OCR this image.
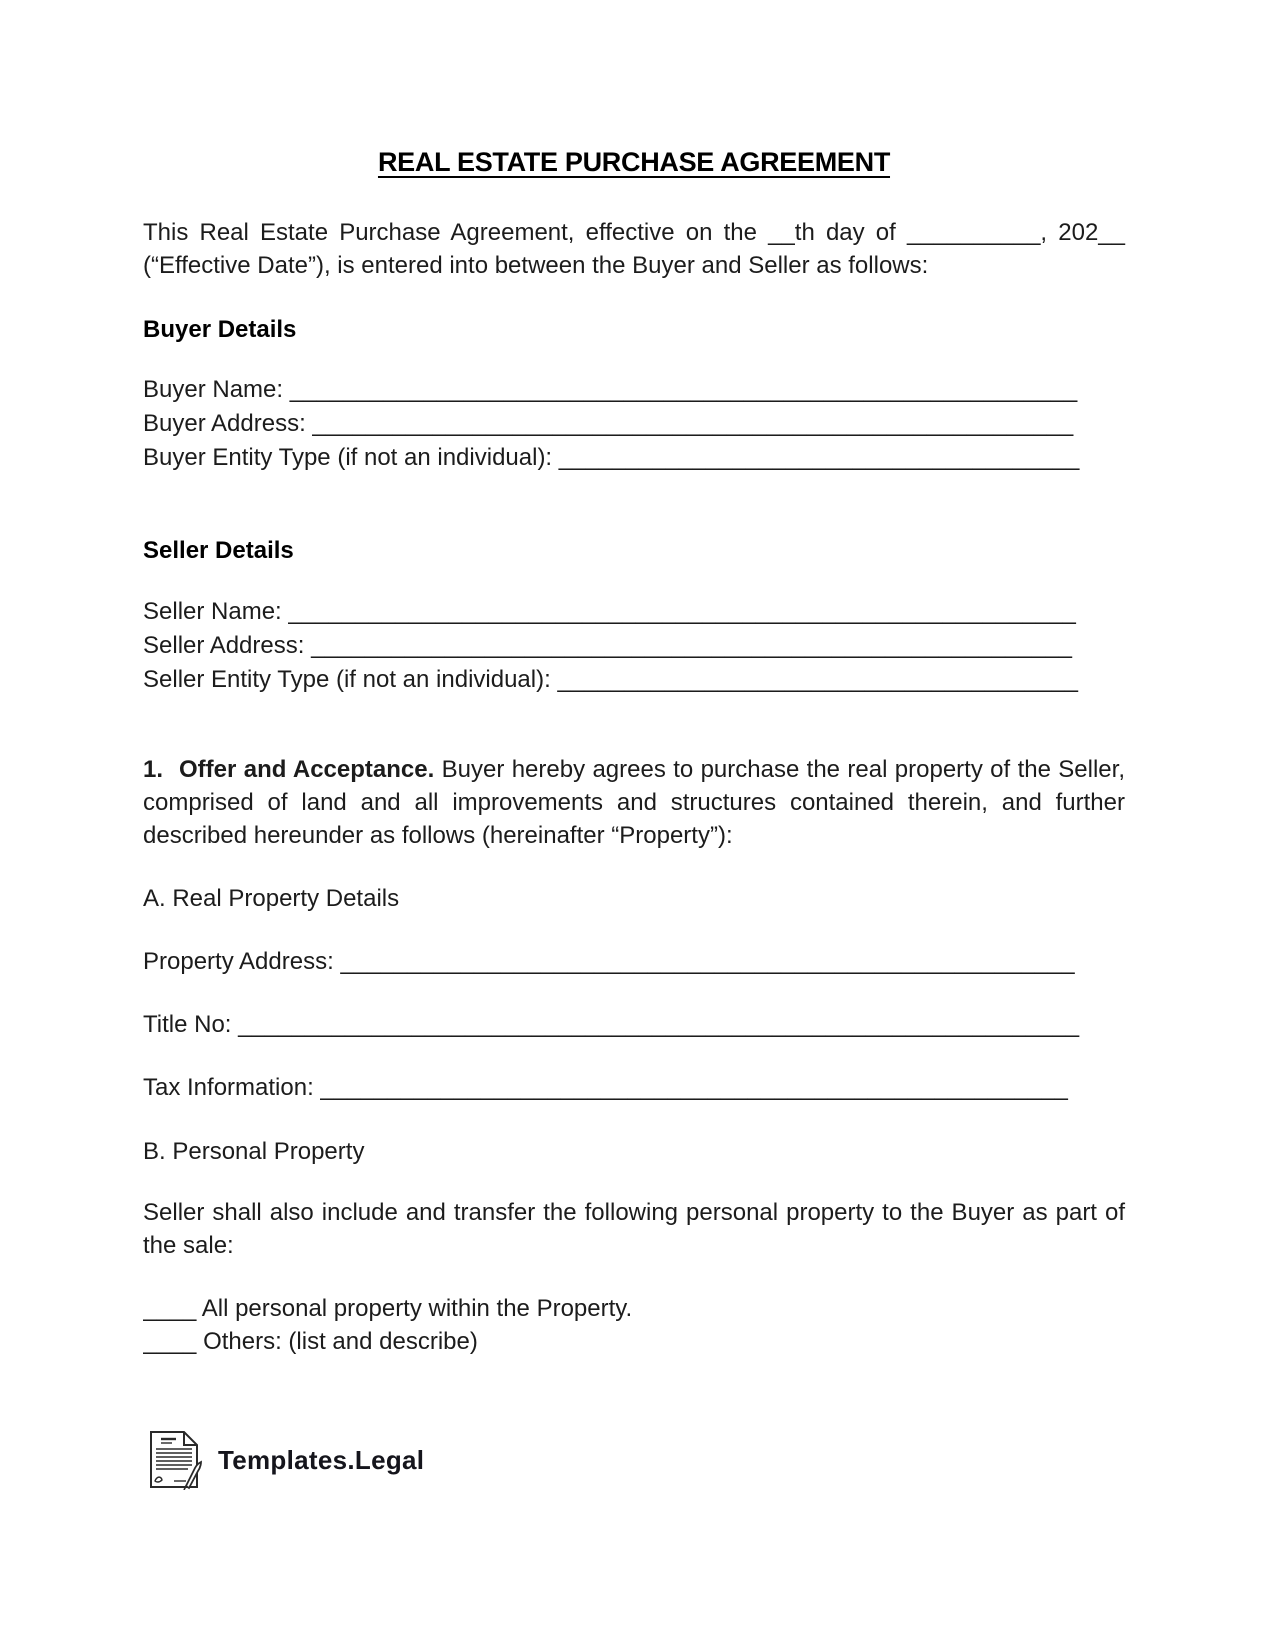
REAL ESTATE PURCHASE AGREEMENT

This Real Estate Purchase Agreement, effective on the __th day of __________, 202__ (“Effective Date”), is entered into between the Buyer and Seller as follows:

Buyer Details
Buyer Name: ___________________________________________________________
Buyer Address: _________________________________________________________
Buyer Entity Type (if not an individual): _______________________________________
Seller Details
Seller Name: ___________________________________________________________
Seller Address: _________________________________________________________
Seller Entity Type (if not an individual): _______________________________________

1. Offer and Acceptance. Buyer hereby agrees to purchase the real property of the Seller, comprised of land and all improvements and structures contained therein, and further described hereunder as follows (hereinafter “Property”):

A. Real Property Details
Property Address: _______________________________________________________
Title No: _______________________________________________________________
Tax Information: ________________________________________________________
B. Personal Property

Seller shall also include and transfer the following personal property to the Buyer as part of the sale:

____ All personal property within the Property.
____ Others: (list and describe)
Templates.Legal
